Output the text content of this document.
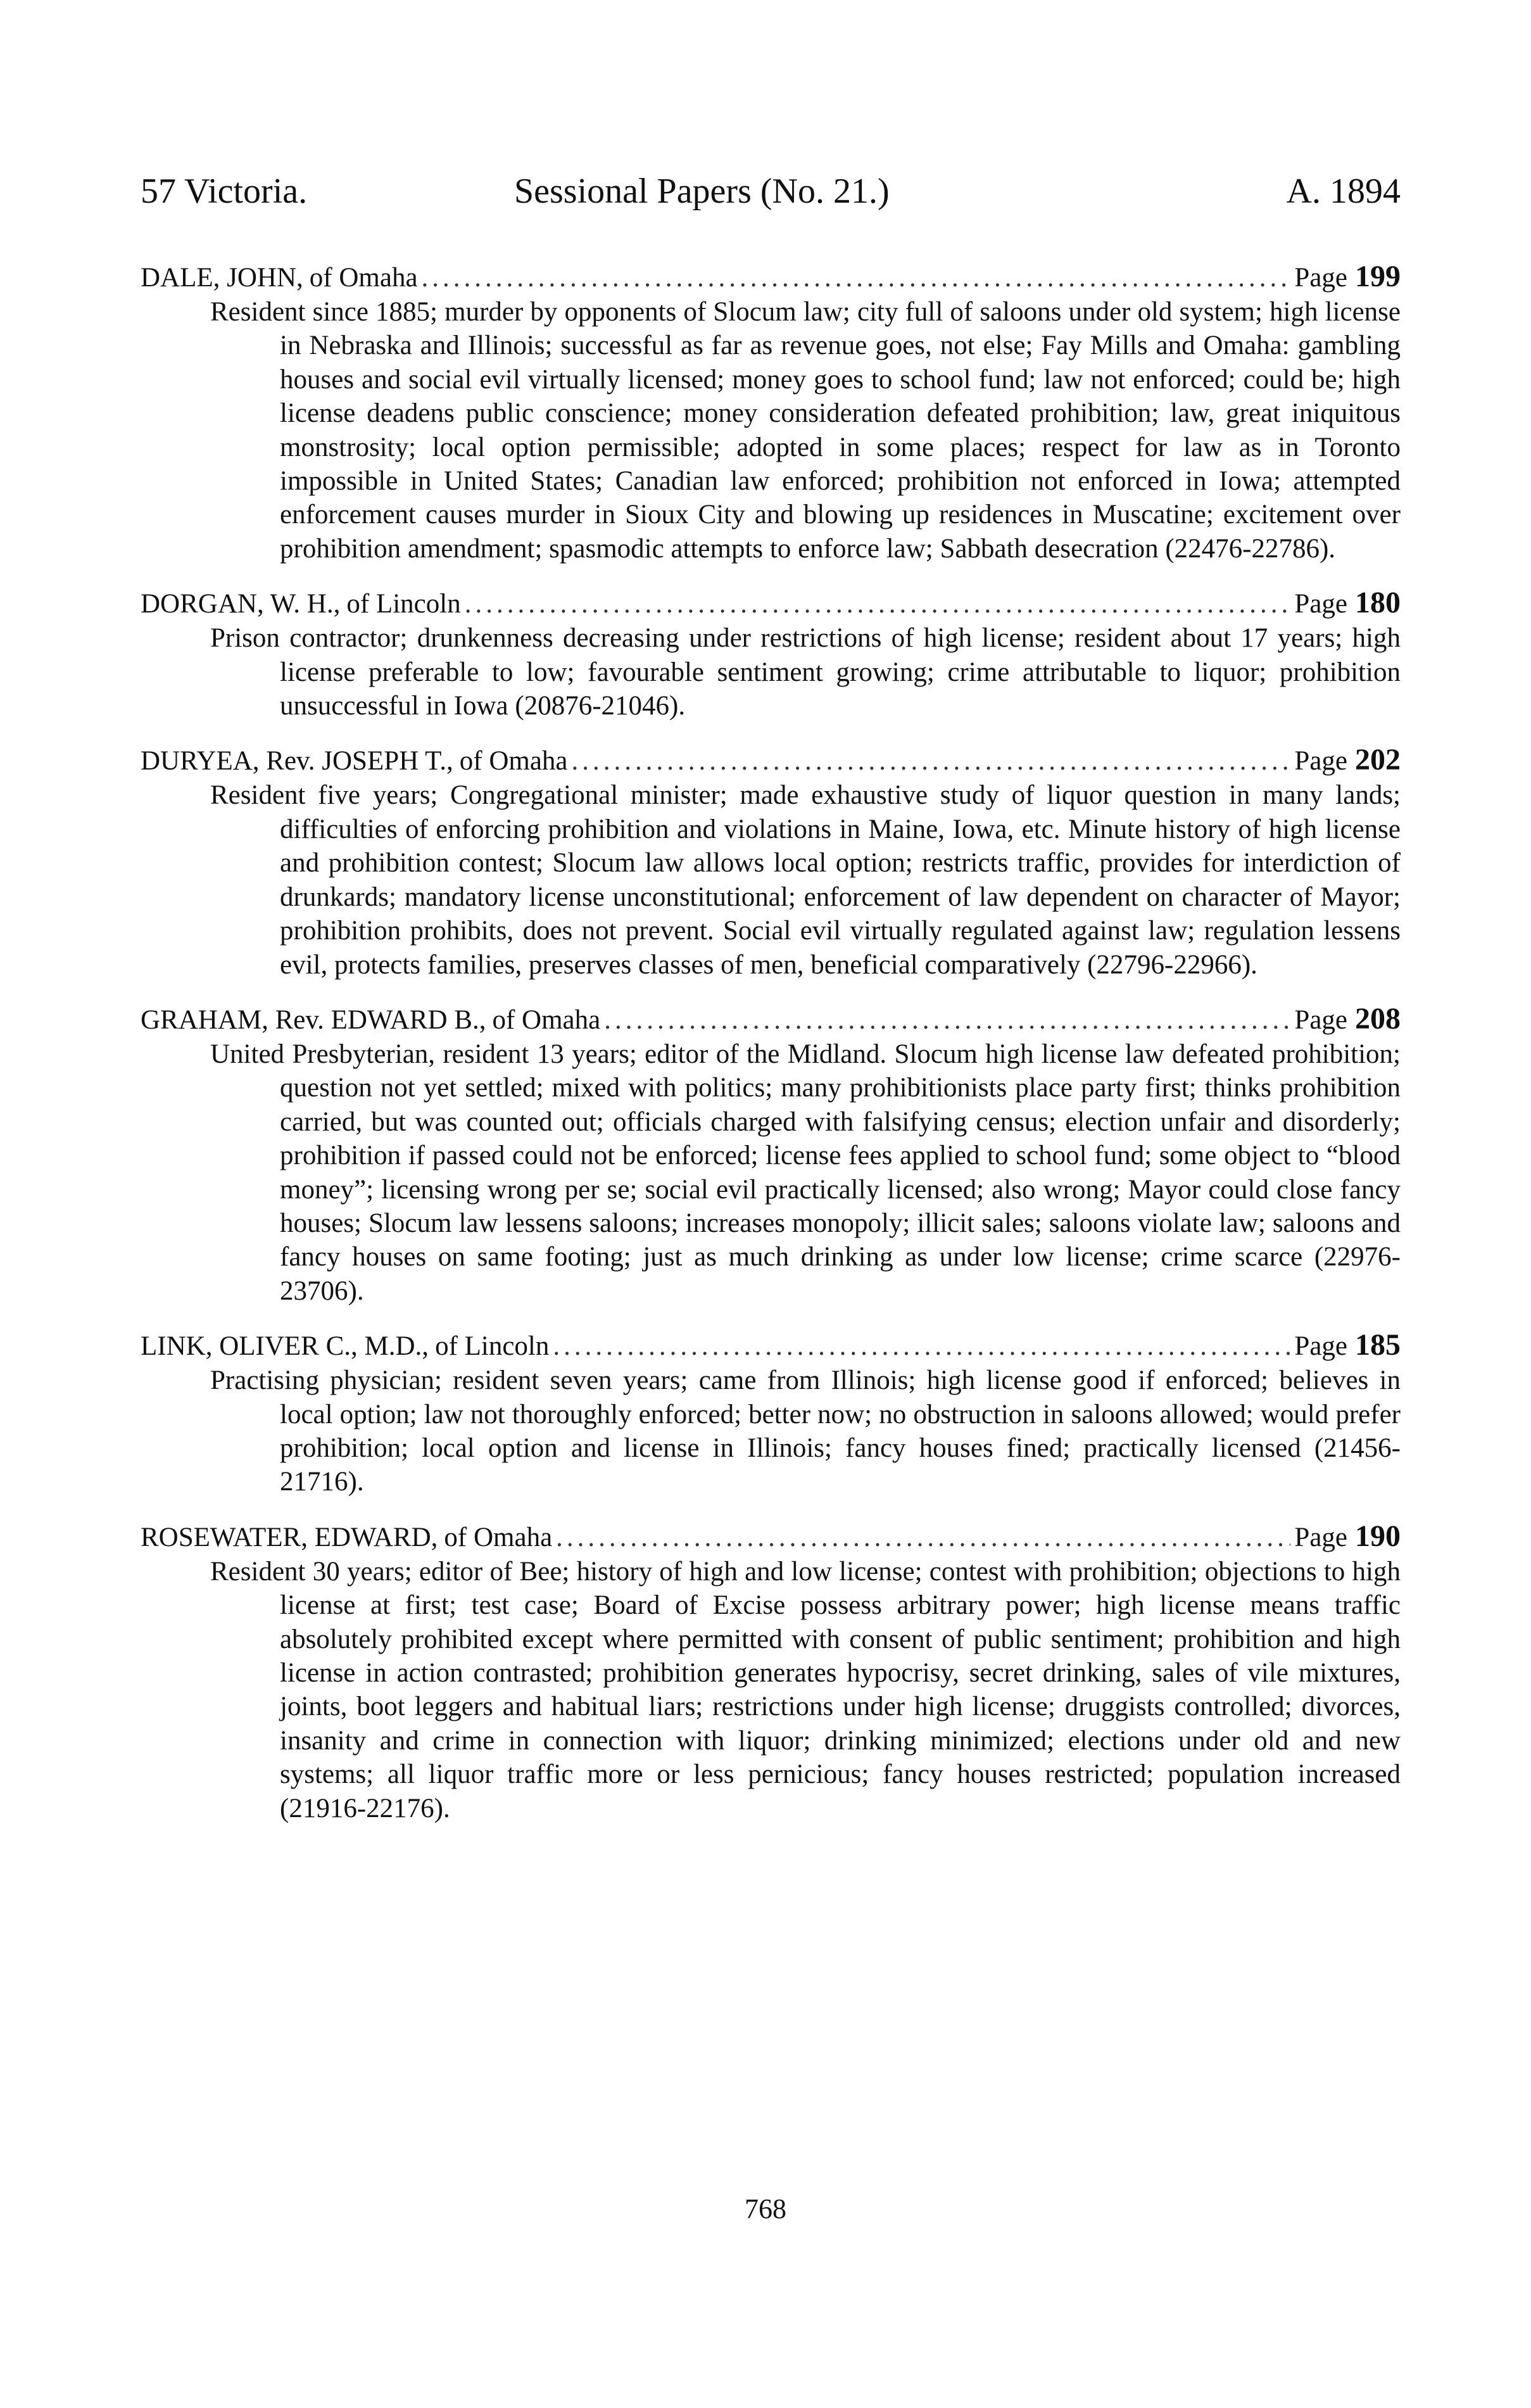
57 Victoria.	Sessional Papers (No. 21.)	A. 1894
DALE, JOHN, of Omaha .....	Page 199

Resident since 1885; murder by opponents of Slocum law; city full of saloons under old system; high license in Nebraska and Illinois; successful as far as revenue goes, not else; Fay Mills and Omaha: gambling houses and social evil virtually licensed; money goes to school fund; law not enforced; could be; high license deadens public conscience; money consideration defeated prohibition; law, great iniquitous monstrosity; local option permissible; adopted in some places; respect for law as in Toronto impossible in United States; Canadian law enforced; prohibition not enforced in Iowa; attempted enforcement causes murder in Sioux City and blowing up residences in Muscatine; excitement over prohibition amendment; spasmodic attempts to enforce law; Sabbath desecration (22476-22786).

DORGAN, W. H., of Lincoln .....	Page 180

Prison contractor; drunkenness decreasing under restrictions of high license; resident about 17 years; high license preferable to low; favourable sentiment growing; crime attributable to liquor; prohibition unsuccessful in Iowa (20876-21046).

DURYEA, Rev. JOSEPH T., of Omaha .....	Page 202

Resident five years; Congregational minister; made exhaustive study of liquor question in many lands; difficulties of enforcing prohibition and violations in Maine, Iowa, etc. Minute history of high license and prohibition contest; Slocum law allows local option; restricts traffic, provides for interdiction of drunkards; mandatory license unconstitutional; enforcement of law dependent on character of Mayor; prohibition prohibits, does not prevent. Social evil virtually regulated against law; regulation lessens evil, protects families, preserves classes of men, beneficial comparatively (22796-22966).

GRAHAM, Rev. EDWARD B., of Omaha .....	Page 208

United Presbyterian, resident 13 years; editor of the Midland. Slocum high license law defeated prohibition; question not yet settled; mixed with politics; many prohibitionists place party first; thinks prohibition carried, but was counted out; officials charged with falsifying census; election unfair and disorderly; prohibition if passed could not be enforced; license fees applied to school fund; some object to “blood money”; licensing wrong per se; social evil practically licensed; also wrong; Mayor could close fancy houses; Slocum law lessens saloons; increases monopoly; illicit sales; saloons violate law; saloons and fancy houses on same footing; just as much drinking as under low license; crime scarce (22976-23706).

LINK, OLIVER C., M.D., of Lincoln .....	Page 185

Practising physician; resident seven years; came from Illinois; high license good if enforced; believes in local option; law not thoroughly enforced; better now; no obstruction in saloons allowed; would prefer prohibition; local option and license in Illinois; fancy houses fined; practically licensed (21456-21716).

ROSEWATER, EDWARD, of Omaha .....	Page 190

Resident 30 years; editor of Bee; history of high and low license; contest with prohibition; objections to high license at first; test case; Board of Excise possess arbitrary power; high license means traffic absolutely prohibited except where permitted with consent of public sentiment; prohibition and high license in action contrasted; prohibition generates hypocrisy, secret drinking, sales of vile mixtures, joints, boot leggers and habitual liars; restrictions under high license; druggists controlled; divorces, insanity and crime in connection with liquor; drinking minimized; elections under old and new systems; all liquor traffic more or less pernicious; fancy houses restricted; population increased (21916-22176).

768
